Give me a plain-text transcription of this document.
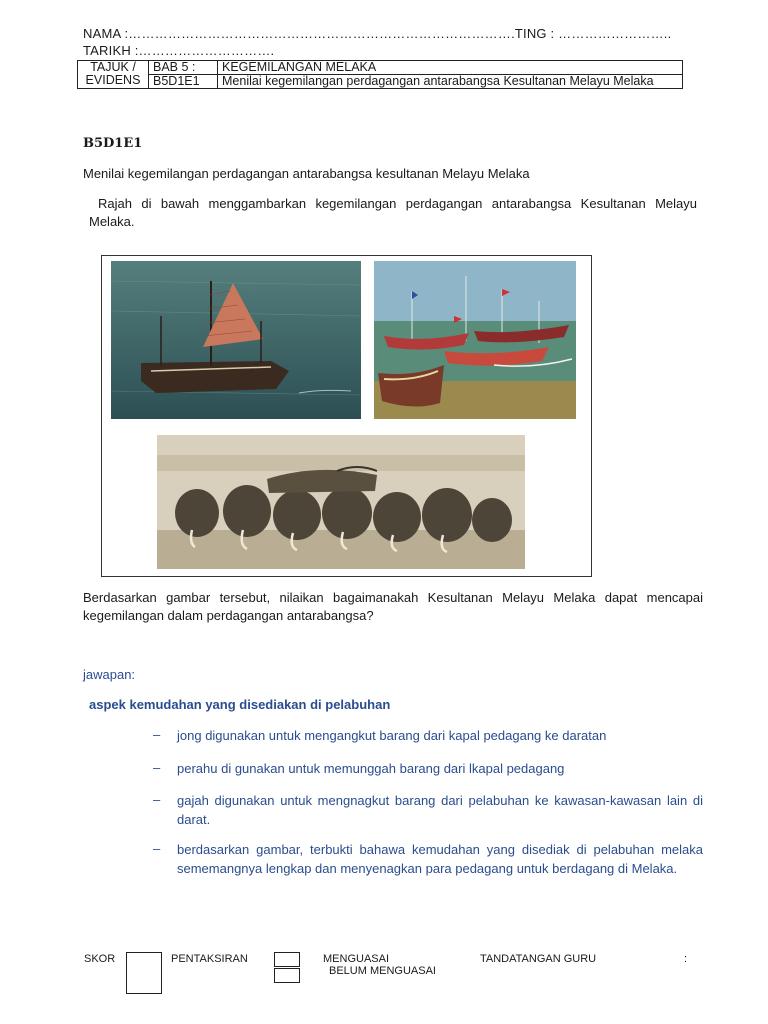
NAMA :…………………………………………………………………………….TING : ……………………..
TARIKH :………………………….
TAJUK / EVIDENS	BAB 5 :	KEGEMILANGAN MELAKA
	B5D1E1	Menilai kegemilangan perdagangan antarabangsa Kesultanan Melayu Melaka
B5D1E1
Menilai kegemilangan perdagangan antarabangsa kesultanan Melayu Melaka
Rajah di bawah menggambarkan kegemilangan perdagangan antarabangsa Kesultanan Melayu Melaka.
Berdasarkan gambar tersebut, nilaikan bagaimanakah Kesultanan Melayu Melaka dapat mencapai kegemilangan dalam perdagangan antarabangsa?
jawapan:
aspek kemudahan yang disediakan di pelabuhan
– jong digunakan untuk mengangkut barang dari kapal pedagang ke daratan
– perahu di gunakan untuk memunggah barang dari lkapal pedagang
– gajah digunakan untuk mengnagkut barang dari pelabuhan ke kawasan-kawasan lain di darat.
– berdasarkan gambar, terbukti bahawa kemudahan yang disediak di pelabuhan melaka sememangnya lengkap dan menyenagkan para pedagang untuk berdagang di Melaka.
SKOR	PENTAKSIRAN	MENGUASAI
BELUM MENGUASAI
TANDATANGAN GURU	:
